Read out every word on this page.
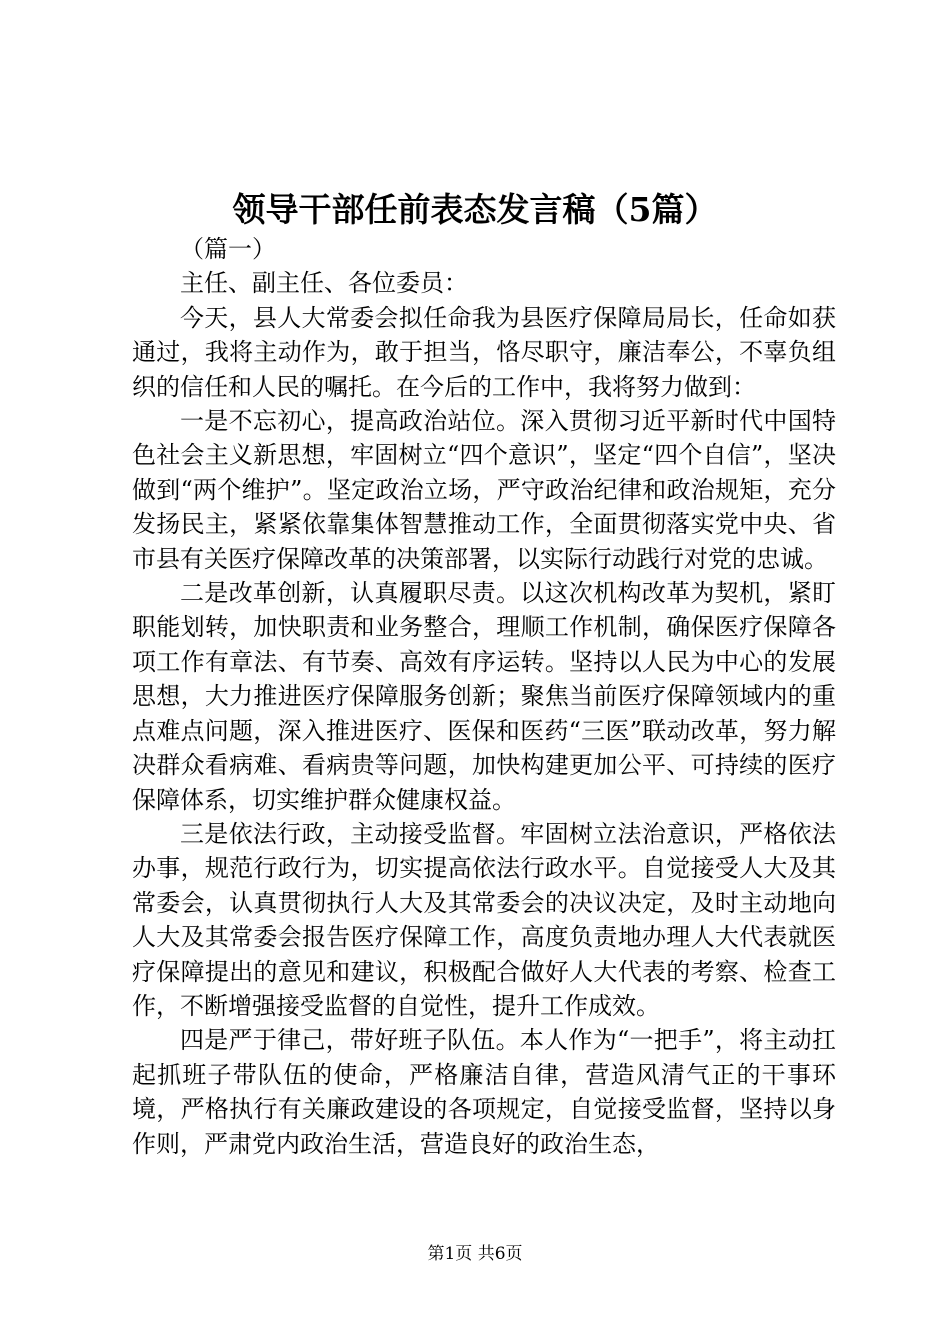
领导干部任前表态发言稿（5篇）

（篇一）

主任、副主任、各位委员：

今天，县人大常委会拟任命我为县医疗保障局局长，任命如获通过，我将主动作为，敢于担当，恪尽职守，廉洁奉公，不辜负组织的信任和人民的嘱托。在今后的工作中，我将努力做到：

一是不忘初心，提高政治站位。深入贯彻习近平新时代中国特色社会主义新思想，牢固树立“四个意识”，坚定“四个自信”，坚决做到“两个维护”。坚定政治立场，严守政治纪律和政治规矩，充分发扬民主，紧紧依靠集体智慧推动工作，全面贯彻落实党中央、省市县有关医疗保障改革的决策部署，以实际行动践行对党的忠诚。

二是改革创新，认真履职尽责。以这次机构改革为契机，紧盯职能划转，加快职责和业务整合，理顺工作机制，确保医疗保障各项工作有章法、有节奏、高效有序运转。坚持以人民为中心的发展思想，大力推进医疗保障服务创新；聚焦当前医疗保障领域内的重点难点问题，深入推进医疗、医保和医药“三医”联动改革，努力解决群众看病难、看病贵等问题，加快构建更加公平、可持续的医疗保障体系，切实维护群众健康权益。

三是依法行政，主动接受监督。牢固树立法治意识，严格依法办事，规范行政行为，切实提高依法行政水平。自觉接受人大及其常委会，认真贯彻执行人大及其常委会的决议决定，及时主动地向人大及其常委会报告医疗保障工作，高度负责地办理人大代表就医疗保障提出的意见和建议，积极配合做好人大代表的考察、检查工作，不断增强接受监督的自觉性，提升工作成效。

四是严于律己，带好班子队伍。本人作为“一把手”，将主动扛起抓班子带队伍的使命，严格廉洁自律，营造风清气正的干事环境，严格执行有关廉政建设的各项规定，自觉接受监督，坚持以身作则，严肃党内政治生活，营造良好的政治生态，

第1页 共6页
